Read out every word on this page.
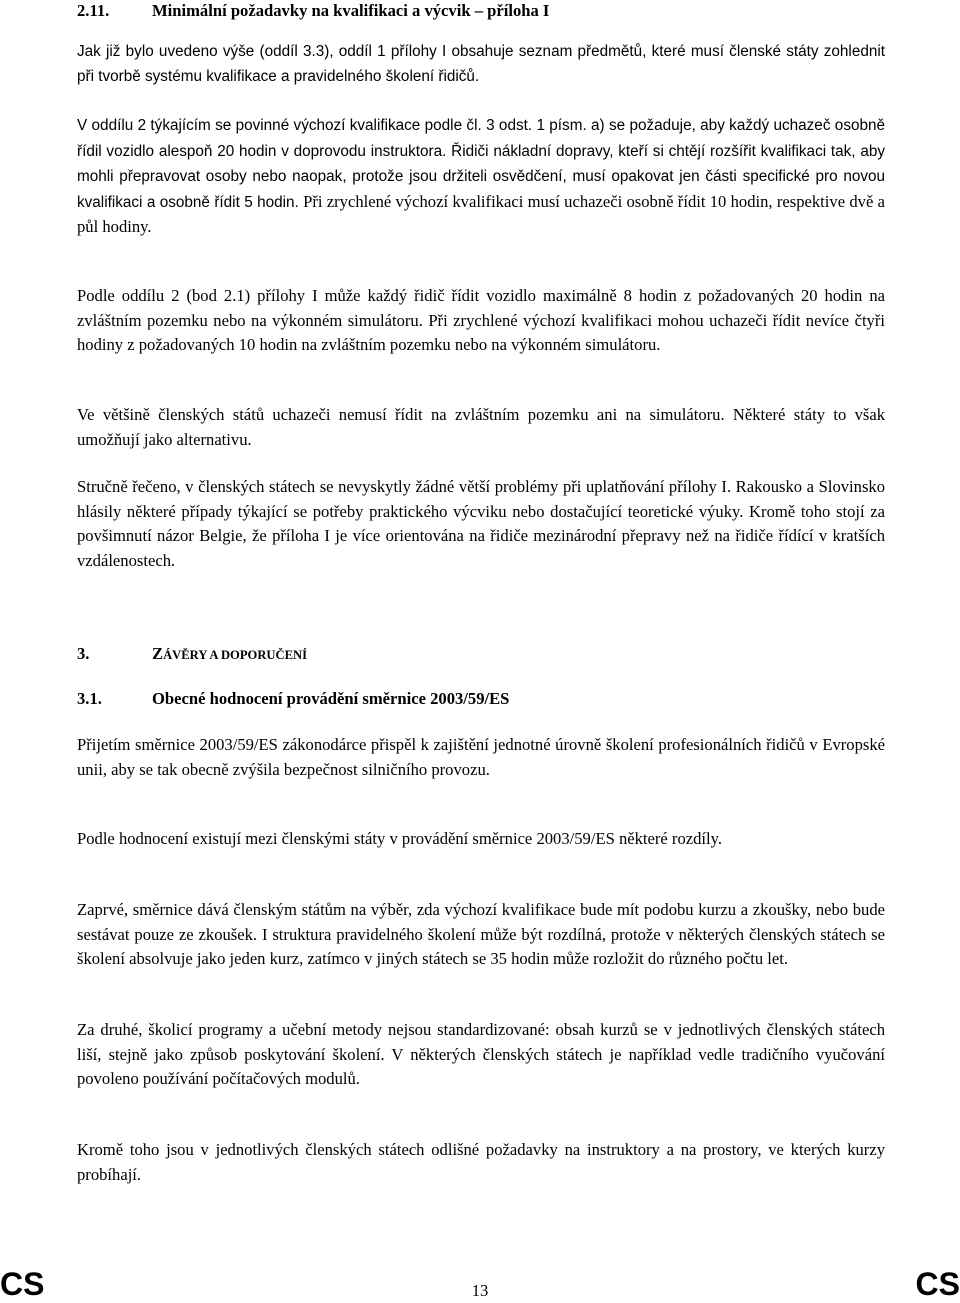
2.11.	Minimální požadavky na kvalifikaci a výcvik – příloha I

Jak již bylo uvedeno výše (oddíl 3.3), oddíl 1 přílohy I obsahuje seznam předmětů, které musí členské státy zohlednit při tvorbě systému kvalifikace a pravidelného školení řidičů.

V oddílu 2 týkajícím se povinné výchozí kvalifikace podle čl. 3 odst. 1 písm. a) se požaduje, aby každý uchazeč osobně řídil vozidlo alespoň 20 hodin v doprovodu instruktora. Řidiči nákladní dopravy, kteří si chtějí rozšířit kvalifikaci tak, aby mohli přepravovat osoby nebo naopak, protože jsou držiteli osvědčení, musí opakovat jen části specifické pro novou kvalifikaci a osobně řídit 5 hodin. Při zrychlené výchozí kvalifikaci musí uchazeči osobně řídit 10 hodin, respektive dvě a půl hodiny.

Podle oddílu 2 (bod 2.1) přílohy I může každý řidič řídit vozidlo maximálně 8 hodin z požadovaných 20 hodin na zvláštním pozemku nebo na výkonném simulátoru. Při zrychlené výchozí kvalifikaci mohou uchazeči řídit nevíce čtyři hodiny z požadovaných 10 hodin na zvláštním pozemku nebo na výkonném simulátoru.

Ve většině členských států uchazeči nemusí řídit na zvláštním pozemku ani na simulátoru. Některé státy to však umožňují jako alternativu.

Stručně řečeno, v členských státech se nevyskytly žádné větší problémy při uplatňování přílohy I. Rakousko a Slovinsko hlásily některé případy týkající se potřeby praktického výcviku nebo dostačující teoretické výuky. Kromě toho stojí za povšimnutí názor Belgie, že příloha I je více orientována na řidiče mezinárodní přepravy než na řidiče řídící v kratších vzdálenostech.

3.	ZÁVĚRY A DOPORUČENÍ
3.1.	Obecné hodnocení provádění směrnice 2003/59/ES

Přijetím směrnice 2003/59/ES zákonodárce přispěl k zajištění jednotné úrovně školení profesionálních řidičů v Evropské unii, aby se tak obecně zvýšila bezpečnost silničního provozu.

Podle hodnocení existují mezi členskými státy v provádění směrnice 2003/59/ES některé rozdíly.

Zaprvé, směrnice dává členským státům na výběr, zda výchozí kvalifikace bude mít podobu kurzu a zkoušky, nebo bude sestávat pouze ze zkoušek. I struktura pravidelného školení může být rozdílná, protože v některých členských státech se školení absolvuje jako jeden kurz, zatímco v jiných státech se 35 hodin může rozložit do různého počtu let.

Za druhé, školicí programy a učební metody nejsou standardizované: obsah kurzů se v jednotlivých členských státech liší, stejně jako způsob poskytování školení. V některých členských státech je například vedle tradičního vyučování povoleno používání počítačových modulů.

Kromě toho jsou v jednotlivých členských státech odlišné požadavky na instruktory a na prostory, ve kterých kurzy probíhají.

CS	13	CS
